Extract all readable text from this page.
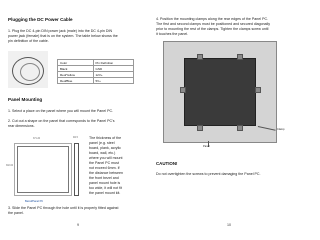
Plugging the DC Power Cable
1. Plug the DC 4-pin DIN power jack (male) into the DC 4-pin DIN
power jack (female) that is on the system. The table below shows the
pin definition of the cable.
Color	Pin Definition
Black	GND
Red/Yellow	12V+
Red/Blue	5V+
Panel Mounting
1. Select a place on the panel where you will mount the Panel PC.
2. Cut out a shape on the panel that corresponds to the Panel PC's
rear dimensions.
371.20
302.00
R4.5
Bezel/Panel PC
The thickness of the
panel (e.g. steel
board, plank, acrylic
board, wall, etc.)
where you will mount
the Panel PC must
not exceed 6mm. If
the distance between
the front bezel and
panel mount hole is
too wide, it will not fit
the panel mount kit.
3. Slide the Panel PC through the hole until it is properly fitted against
the panel.
9
4. Position the mounting clamps along the rear edges of the Panel PC.
The first and second clamps must be positioned and secured diagonally
prior to mounting the rest of the clamps. Tighten the clamps screw until
it touches the panel.
Clamp
Panel
CAUTION!
Do not overtighten the screws to prevent damaging the Panel PC.
10
